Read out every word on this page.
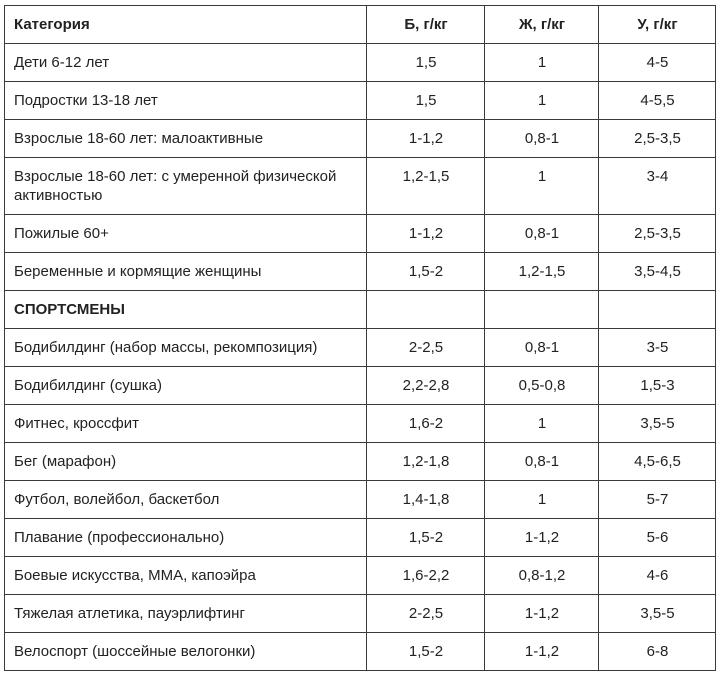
Категория	Б, г/кг	Ж, г/кг	У, г/кг
Дети 6-12 лет	1,5	1	4-5
Подростки 13-18 лет	1,5	1	4-5,5
Взрослые 18-60 лет: малоактивные	1-1,2	0,8-1	2,5-3,5
Взрослые 18-60 лет: с умеренной физической активностью	1,2-1,5	1	3-4
Пожилые 60+	1-1,2	0,8-1	2,5-3,5
Беременные и кормящие женщины	1,5-2	1,2-1,5	3,5-4,5
СПОРТСМЕНЫ			
Бодибилдинг (набор массы, рекомпозиция)	2-2,5	0,8-1	3-5
Бодибилдинг (сушка)	2,2-2,8	0,5-0,8	1,5-3
Фитнес, кроссфит	1,6-2	1	3,5-5
Бег (марафон)	1,2-1,8	0,8-1	4,5-6,5
Футбол, волейбол, баскетбол	1,4-1,8	1	5-7
Плавание (профессионально)	1,5-2	1-1,2	5-6
Боевые искусства, ММА, капоэйра	1,6-2,2	0,8-1,2	4-6
Тяжелая атлетика, пауэрлифтинг	2-2,5	1-1,2	3,5-5
Велоспорт (шоссейные велогонки)	1,5-2	1-1,2	6-8
